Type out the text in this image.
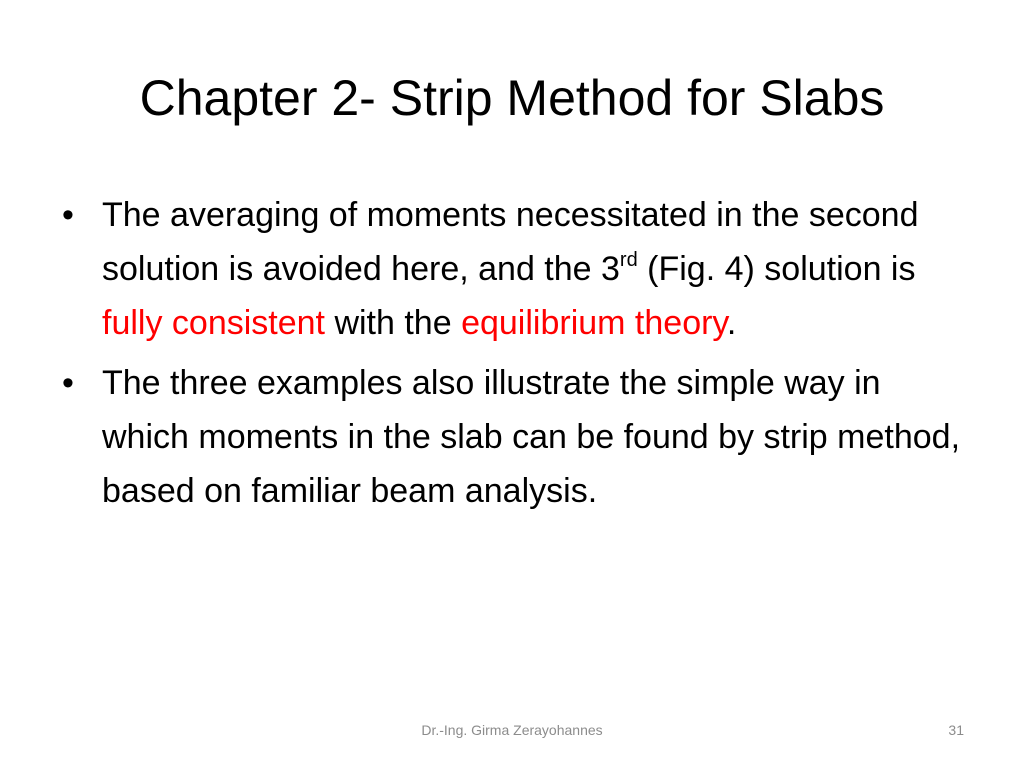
Chapter 2- Strip Method for Slabs
• The averaging of moments necessitated in the second solution is avoided here, and the 3rd (Fig. 4) solution is fully consistent with the equilibrium theory.
• The three examples also illustrate the simple way in which moments in the slab can be found by strip method, based on familiar beam analysis.
Dr.-Ing. Girma Zerayohannes	31
